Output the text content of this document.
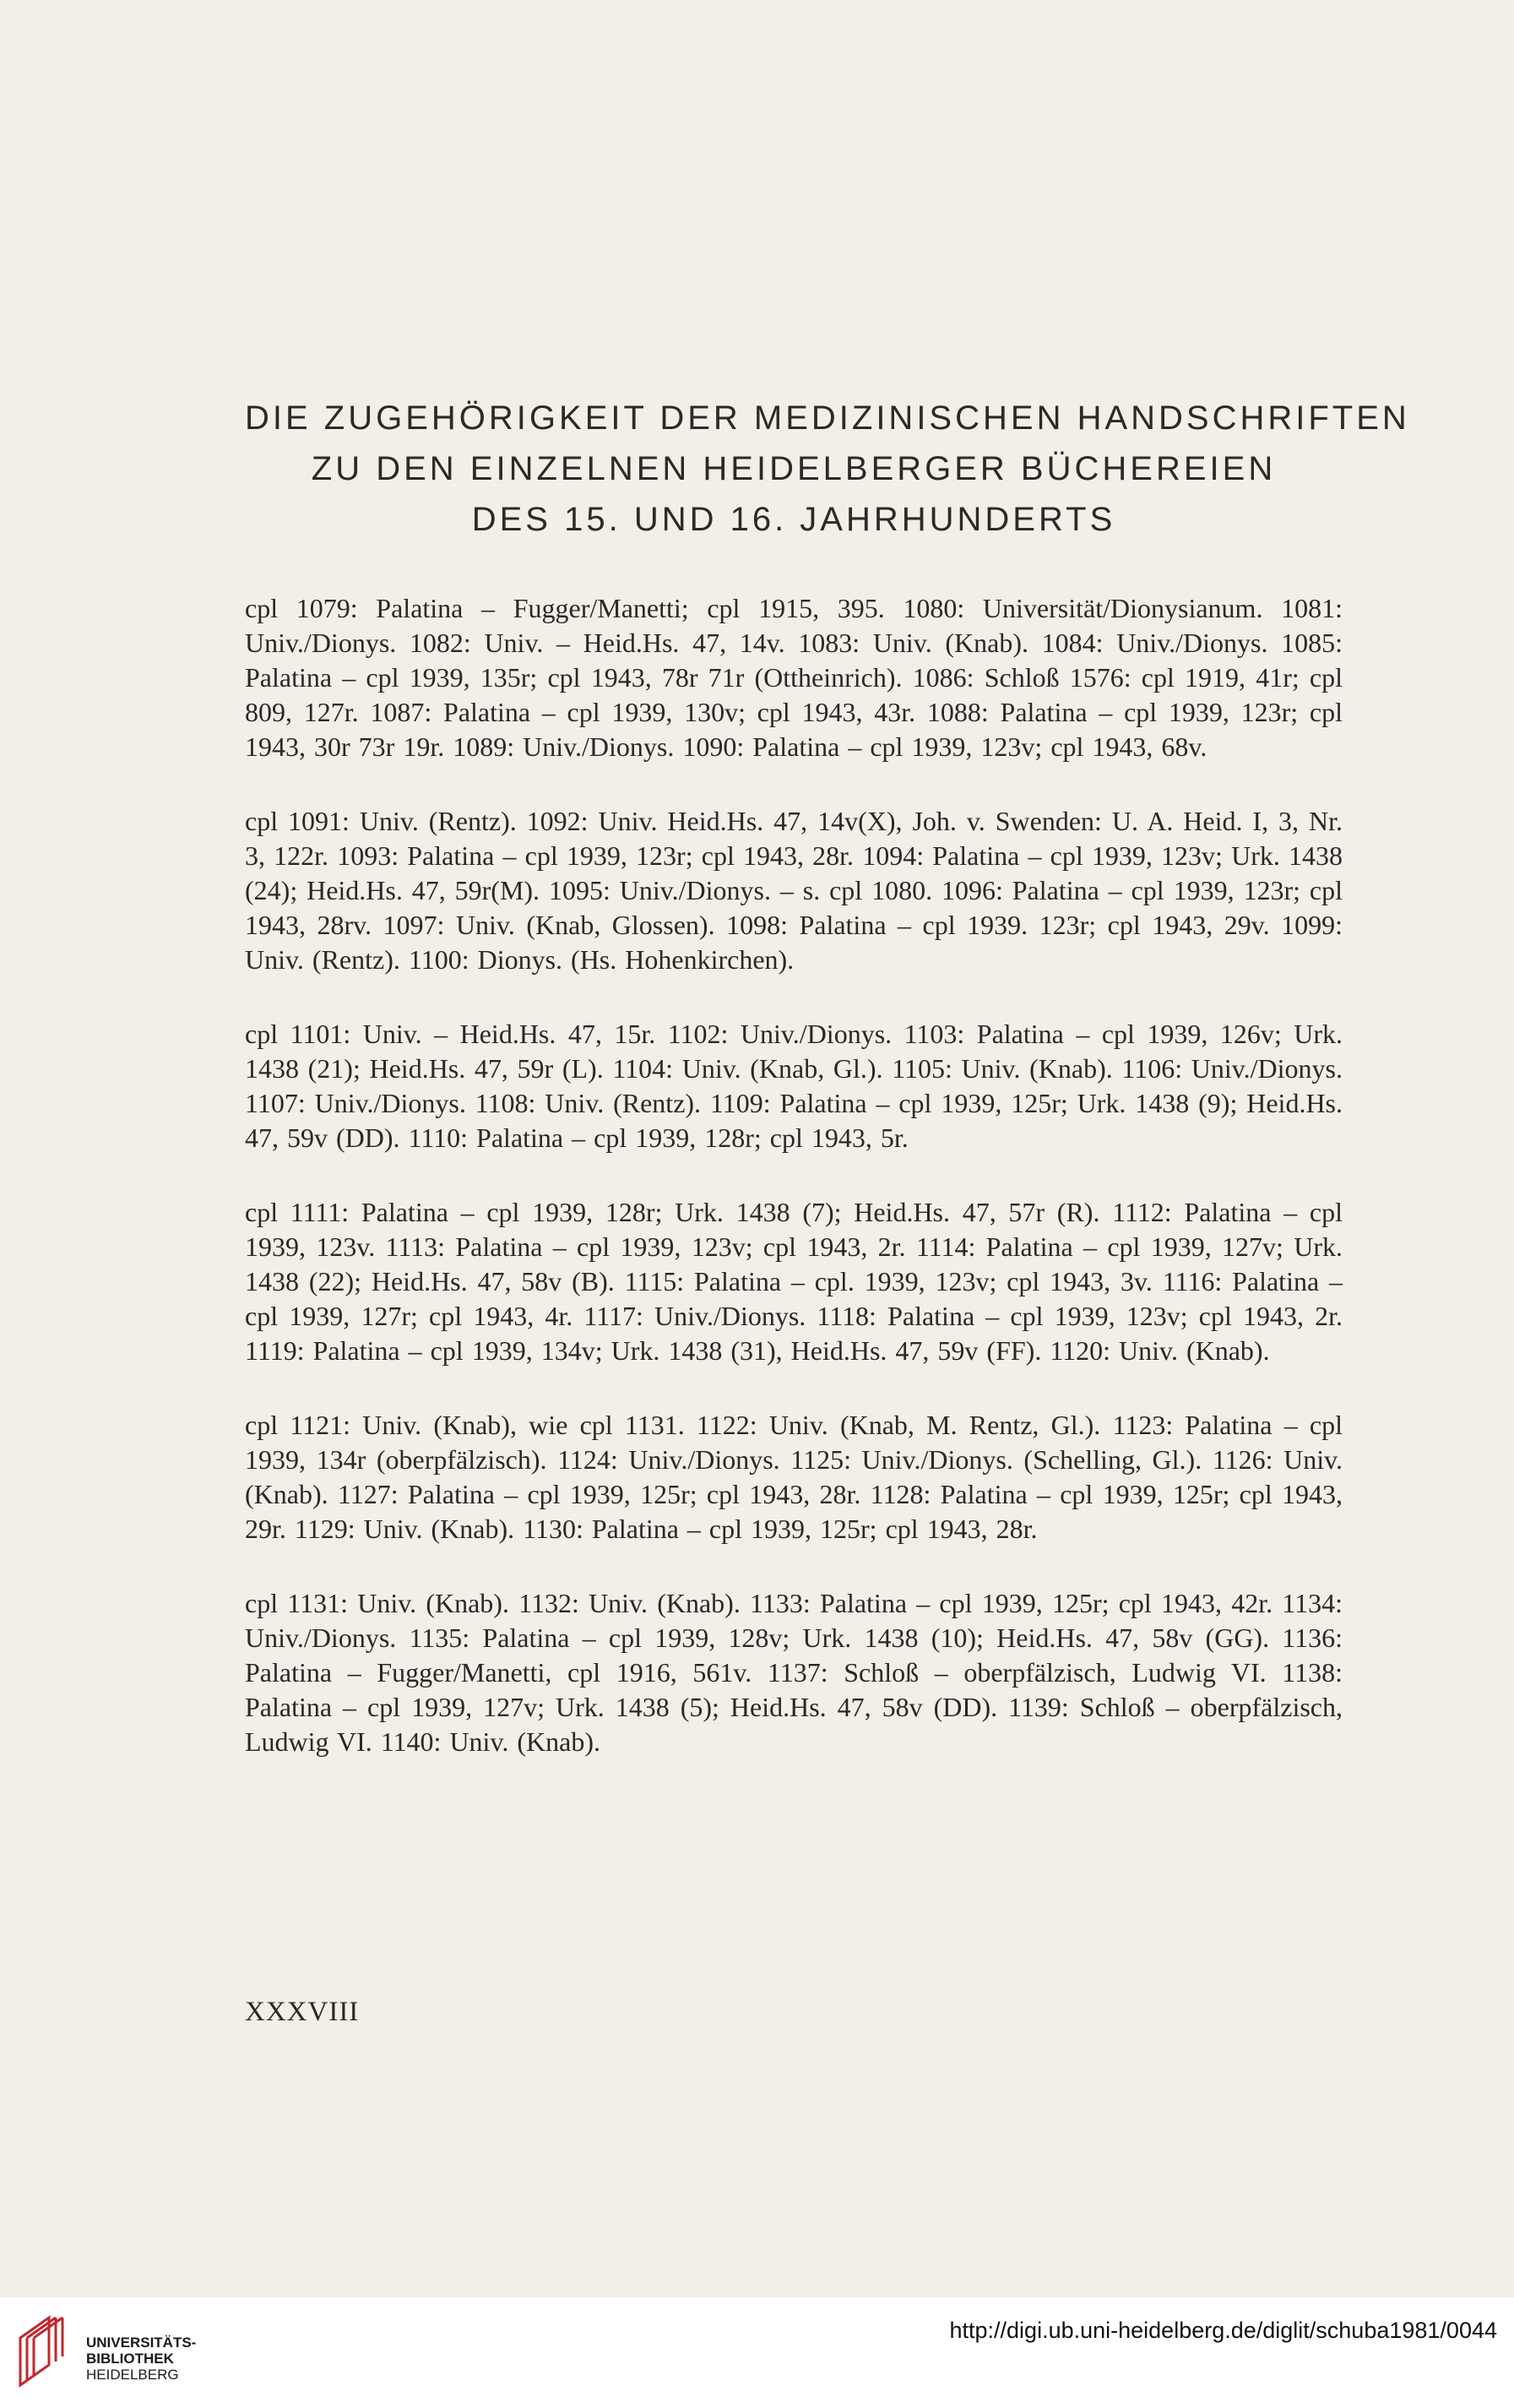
DIE ZUGEHÖRIGKEIT DER MEDIZINISCHEN HANDSCHRIFTEN
ZU DEN EINZELNEN HEIDELBERGER BÜCHEREIEN
DES 15. UND 16. JAHRHUNDERTS

cpl 1079: Palatina – Fugger/Manetti; cpl 1915, 395. 1080: Universität/Dionysianum. 1081: Univ./Dionys. 1082: Univ. – Heid.Hs. 47, 14v. 1083: Univ. (Knab). 1084: Univ./Dionys. 1085: Palatina – cpl 1939, 135r; cpl 1943, 78r 71r (Ottheinrich). 1086: Schloß 1576: cpl 1919, 41r; cpl 809, 127r. 1087: Palatina – cpl 1939, 130v; cpl 1943, 43r. 1088: Palatina – cpl 1939, 123r; cpl 1943, 30r 73r 19r. 1089: Univ./Dionys. 1090: Palatina – cpl 1939, 123v; cpl 1943, 68v.

cpl 1091: Univ. (Rentz). 1092: Univ. Heid.Hs. 47, 14v(X), Joh. v. Swenden: U. A. Heid. I, 3, Nr. 3, 122r. 1093: Palatina – cpl 1939, 123r; cpl 1943, 28r. 1094: Palatina – cpl 1939, 123v; Urk. 1438 (24); Heid.Hs. 47, 59r(M). 1095: Univ./Dionys. – s. cpl 1080. 1096: Palatina – cpl 1939, 123r; cpl 1943, 28rv. 1097: Univ. (Knab, Glossen). 1098: Palatina – cpl 1939. 123r; cpl 1943, 29v. 1099: Univ. (Rentz). 1100: Dionys. (Hs. Hohenkirchen).

cpl 1101: Univ. – Heid.Hs. 47, 15r. 1102: Univ./Dionys. 1103: Palatina – cpl 1939, 126v; Urk. 1438 (21); Heid.Hs. 47, 59r (L). 1104: Univ. (Knab, Gl.). 1105: Univ. (Knab). 1106: Univ./Dionys. 1107: Univ./Dionys. 1108: Univ. (Rentz). 1109: Palatina – cpl 1939, 125r; Urk. 1438 (9); Heid.Hs. 47, 59v (DD). 1110: Palatina – cpl 1939, 128r; cpl 1943, 5r.

cpl 1111: Palatina – cpl 1939, 128r; Urk. 1438 (7); Heid.Hs. 47, 57r (R). 1112: Palatina – cpl 1939, 123v. 1113: Palatina – cpl 1939, 123v; cpl 1943, 2r. 1114: Palatina – cpl 1939, 127v; Urk. 1438 (22); Heid.Hs. 47, 58v (B). 1115: Palatina – cpl. 1939, 123v; cpl 1943, 3v. 1116: Palatina – cpl 1939, 127r; cpl 1943, 4r. 1117: Univ./Dionys. 1118: Palatina – cpl 1939, 123v; cpl 1943, 2r. 1119: Palatina – cpl 1939, 134v; Urk. 1438 (31), Heid.Hs. 47, 59v (FF). 1120: Univ. (Knab).

cpl 1121: Univ. (Knab), wie cpl 1131. 1122: Univ. (Knab, M. Rentz, Gl.). 1123: Palatina – cpl 1939, 134r (oberpfälzisch). 1124: Univ./Dionys. 1125: Univ./Dionys. (Schelling, Gl.). 1126: Univ. (Knab). 1127: Palatina – cpl 1939, 125r; cpl 1943, 28r. 1128: Palatina – cpl 1939, 125r; cpl 1943, 29r. 1129: Univ. (Knab). 1130: Palatina – cpl 1939, 125r; cpl 1943, 28r.

cpl 1131: Univ. (Knab). 1132: Univ. (Knab). 1133: Palatina – cpl 1939, 125r; cpl 1943, 42r. 1134: Univ./Dionys. 1135: Palatina – cpl 1939, 128v; Urk. 1438 (10); Heid.Hs. 47, 58v (GG). 1136: Palatina – Fugger/Manetti, cpl 1916, 561v. 1137: Schloß – oberpfälzisch, Ludwig VI. 1138: Palatina – cpl 1939, 127v; Urk. 1438 (5); Heid.Hs. 47, 58v (DD). 1139: Schloß – oberpfälzisch, Ludwig VI. 1140: Univ. (Knab).

XXXVIII
UNIVERSITÄTS-
BIBLIOTHEK
HEIDELBERG
http://digi.ub.uni-heidelberg.de/diglit/schuba1981/0044
